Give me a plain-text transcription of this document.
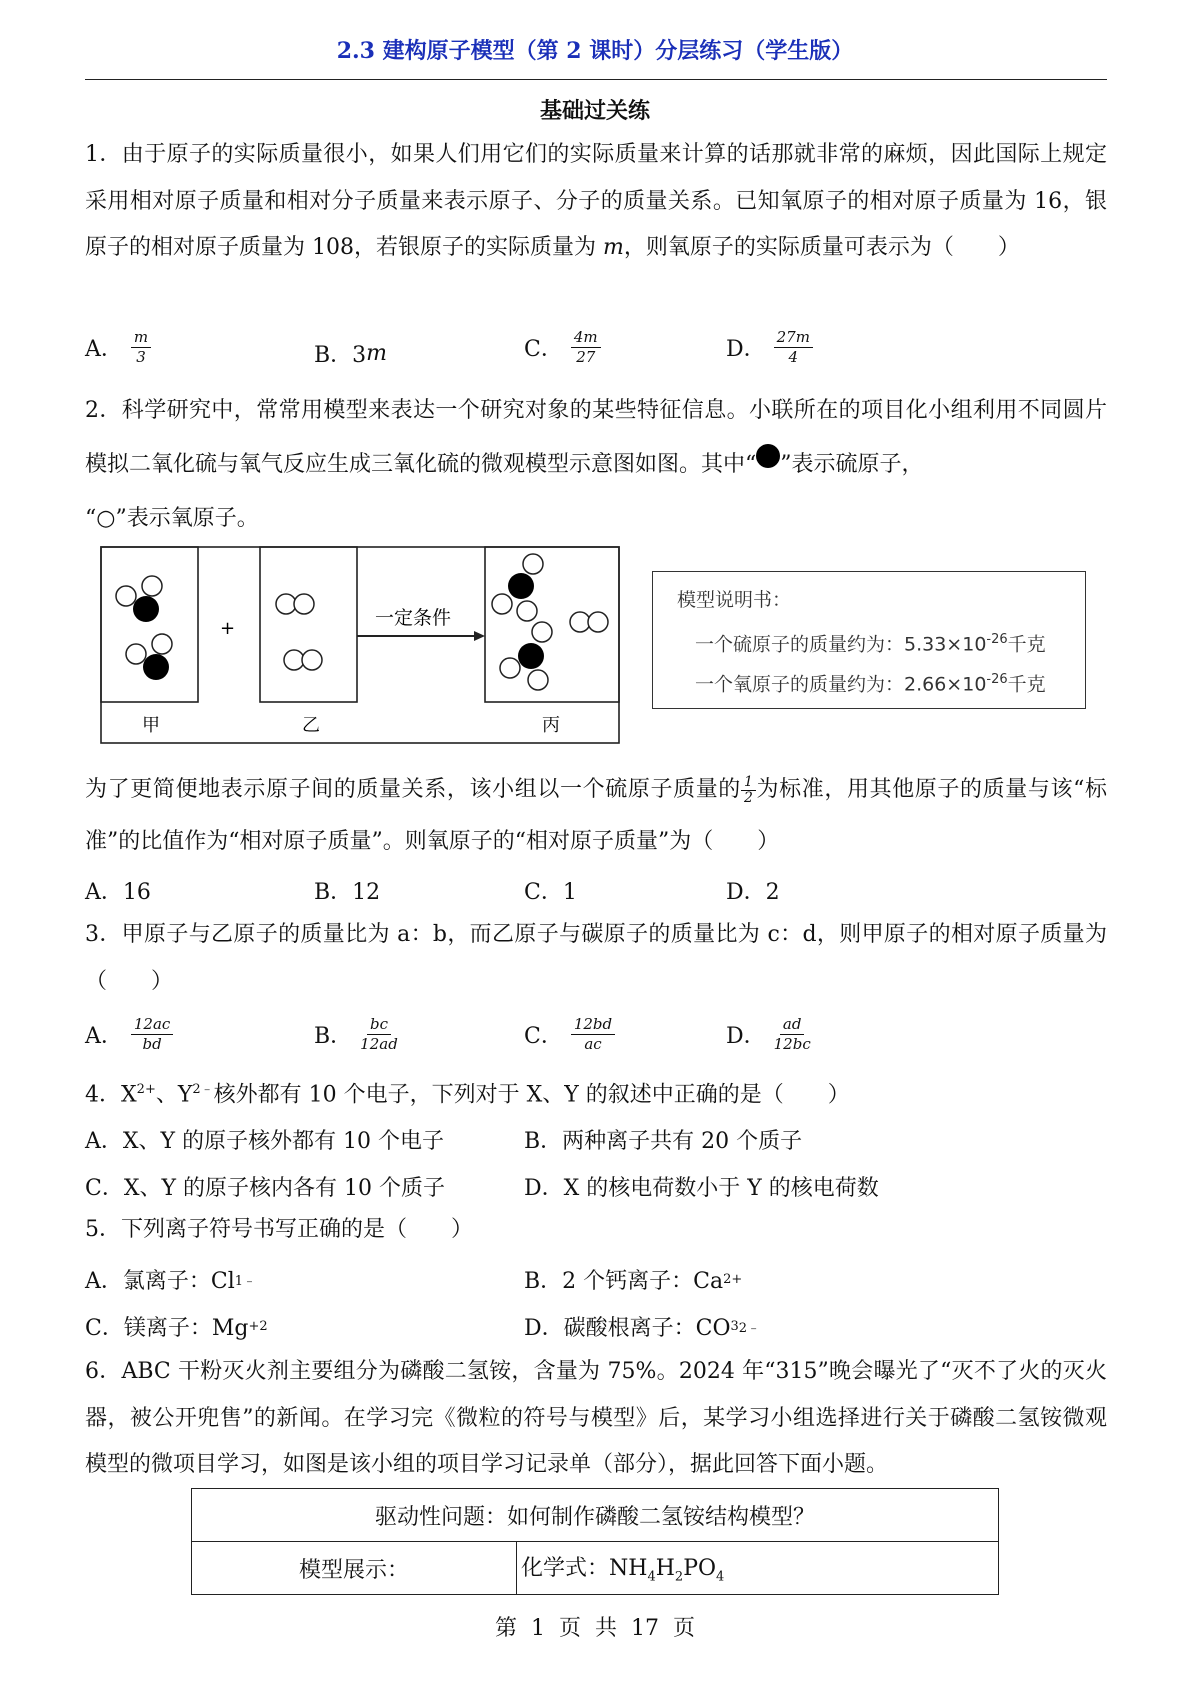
2.3 建构原子模型（第 2 课时）分层练习（学生版）
基础过关练
1．由于原子的实际质量很小，如果人们用它们的实际质量来计算的话那就非常的麻烦，因此国际上规定采用相对原子质量和相对分子质量来表示原子、分子的质量关系。已知氧原子的相对原子质量为 16，银原子的相对原子质量为 108，若银原子的实际质量为 m，则氧原子的实际质量可表示为（　　）
A． $\frac{m}{3}$	B．3 m	C． $\frac{4m}{27}$	D． $\frac{27m}{4}$
2．科学研究中，常常用模型来表达一个研究对象的某些特征信息。小联所在的项目化小组利用不同圆片模拟二氧化硫与氧气反应生成三氧化硫的微观模型示意图如图。其中“ ”表示硫原子，
“○”表示氧原子。
+	一定条件
甲	乙	丙
模型说明书：
一个硫原子的质量约为：$5.33\times 10^{-26}$千克
一个氧原子的质量约为：$2.66\times 10^{-26}$千克
为了更简便地表示原子间的质量关系，该小组以一个硫原子质量的 $\frac{1}{2}$ 为标准，用其他原子的质量与该“标准”的比值作为“相对原子质量”。则氧原子的“相对原子质量”为（　　）
A．16	B．12	C．1	D．2
3．甲原子与乙原子的质量比为 a：b，而乙原子与碳原子的质量比为 c：d，则甲原子的相对原子质量为（　　）
A． $\frac{12ac}{bd}$	B． $\frac{bc}{12ad}$	C． $\frac{12bd}{ac}$	D． $\frac{ad}{12bc}$
4．$X^{2+}$、$Y^{2﹣}$核外都有 10 个电子，下列对于 X、Y 的叙述中正确的是（　　）
A．X、Y 的原子核外都有 10 个电子	B．两种离子共有 20 个质子
C．X、Y 的原子核内各有 10 个质子	D．X 的核电荷数小于 Y 的核电荷数
5．下列离子符号书写正确的是（　　）
A．氯离子：Cl 1﹣	B．2 个钙离子：Ca 2+
C．镁离子：Mg +2	D．碳酸根离子：CO 3 2﹣
6．ABC 干粉灭火剂主要组分为磷酸二氢铵，含量为 75%。2024 年“315”晚会曝光了“灭不了火的灭火器，被公开兜售”的新闻。在学习完《微粒的符号与模型》后，某学习小组选择进行关于磷酸二氢铵微观模型的微项目学习，如图是该小组的项目学习记录单（部分），据此回答下面小题。
驱动性问题：如何制作磷酸二氢铵结构模型？
模型展示：	化学式：$NH_4H_2PO_4$
第  1  页  共  17  页
